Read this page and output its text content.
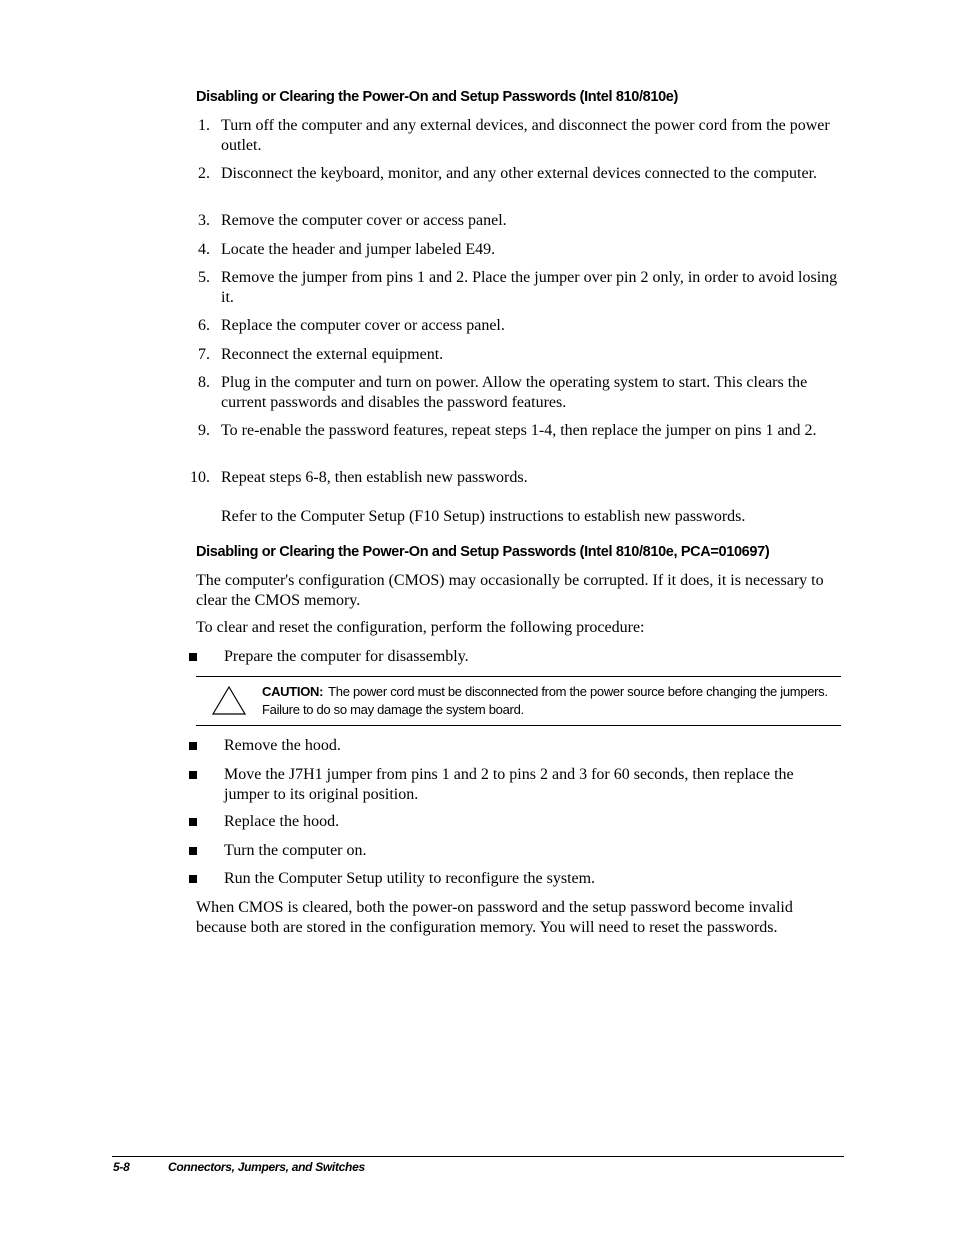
Disabling or Clearing the Power-On and Setup Passwords (Intel 810/810e)
1. Turn off the computer and any external devices, and disconnect the power cord from the power outlet.
2. Disconnect the keyboard, monitor, and any other external devices connected to the computer.
3. Remove the computer cover or access panel.
4. Locate the header and jumper labeled E49.
5. Remove the jumper from pins 1 and 2. Place the jumper over pin 2 only, in order to avoid losing it.
6. Replace the computer cover or access panel.
7. Reconnect the external equipment.
8. Plug in the computer and turn on power. Allow the operating system to start. This clears the current passwords and disables the password features.
9. To re-enable the password features, repeat steps 1-4, then replace the jumper on pins 1 and 2.
10. Repeat steps 6-8, then establish new passwords.
Refer to the Computer Setup (F10 Setup) instructions to establish new passwords.
Disabling or Clearing the Power-On and Setup Passwords (Intel 810/810e, PCA=010697)
The computer's configuration (CMOS) may occasionally be corrupted. If it does, it is necessary to clear the CMOS memory.
To clear and reset the configuration, perform the following procedure:
Prepare the computer for disassembly.
CAUTION: The power cord must be disconnected from the power source before changing the jumpers. Failure to do so may damage the system board.
Remove the hood.
Move the J7H1 jumper from pins 1 and 2 to pins 2 and 3 for 60 seconds, then replace the jumper to its original position.
Replace the hood.
Turn the computer on.
Run the Computer Setup utility to reconfigure the system.
When CMOS is cleared, both the power-on password and the setup password become invalid because both are stored in the configuration memory. You will need to reset the passwords.
5-8	Connectors, Jumpers, and Switches
